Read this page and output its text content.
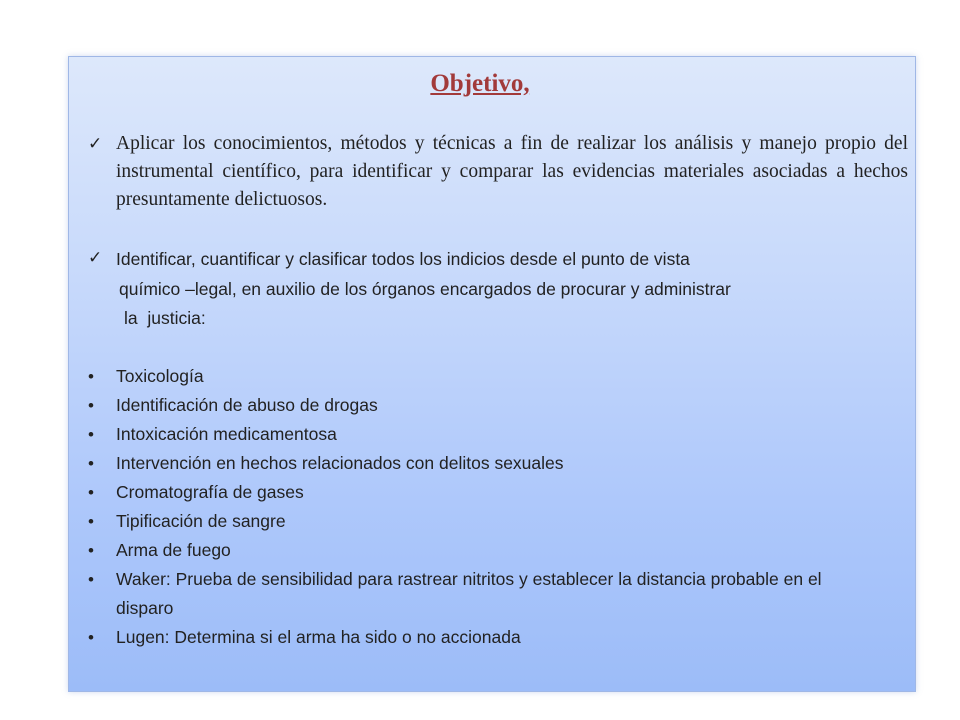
Objetivo,
✓ Aplicar los conocimientos, métodos y técnicas a fin de realizar los análisis y manejo propio del instrumental científico, para identificar y comparar las evidencias materiales asociadas a hechos presuntamente delictuosos.
✓ Identificar, cuantificar y clasificar todos los indicios desde el punto de vista
químico –legal, en auxilio de los órganos encargados de procurar y administrar
la  justicia:
• Toxicología
• Identificación de abuso de drogas
• Intoxicación medicamentosa
• Intervención en hechos relacionados con delitos sexuales
• Cromatografía de gases
• Tipificación de sangre
• Arma de fuego
• Waker: Prueba de sensibilidad para rastrear nitritos y establecer la distancia probable en el disparo
• Lugen: Determina si el arma ha sido o no accionada
